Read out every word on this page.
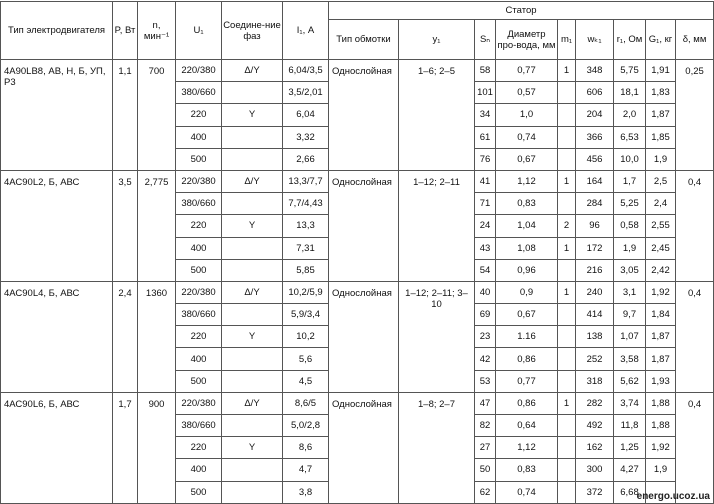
Тип электродвигателя	P, Вт	n, мин⁻¹	U₁	Соедине-ние фаз	I₁, А	Статор								
						Тип обмотки	y₁	Sₙ	Диаметр про-вода, мм	m₁	wₖ₁	r₁, Ом	G₁, кг	δ, мм
4А90LB8, АВ, Н, Б, УП, Р3	1,1	700	220/380	Δ/Y	6,04/3,5	Однослойная	1–6; 2–5	58	0,77	1	348	5,75	1,91	0,25
			380/660		3,5/2,01			101	0,57		606	18,1	1,83	
			220	Y	6,04			34	1,0		204	2,0	1,87	
			400		3,32			61	0,74		366	6,53	1,85	
			500		2,66			76	0,67		456	10,0	1,9	
4АС90L2, Б, АВС	3,5	2,775	220/380	Δ/Y	13,3/7,7	Однослойная	1–12; 2–11	41	1,12	1	164	1,7	2,5	0,4
			380/660		7,7/4,43			71	0,83		284	5,25	2,4	
			220	Y	13,3			24	1,04	2	96	0,58	2,55	
			400		7,31			43	1,08	1	172	1,9	2,45	
			500		5,85			54	0,96		216	3,05	2,42	
4АС90L4, Б, АВС	2,4	1360	220/380	Δ/Y	10,2/5,9	Однослойная	1–12; 2–11; 3–10	40	0,9	1	240	3,1	1,92	0,4
			380/660		5,9/3,4			69	0,67		414	9,7	1,84	
			220	Y	10,2			23	1.16		138	1,07	1,87	
			400		5,6			42	0,86		252	3,58	1,87	
			500		4,5			53	0,77		318	5,62	1,93	
4АС90L6, Б, АВС	1,7	900	220/380	Δ/Y	8,6/5	Однослойная	1–8; 2–7	47	0,86	1	282	3,74	1,88	0,4
			380/660		5,0/2,8			82	0,64		492	11,8	1,88	
			220	Y	8,6			27	1,12		162	1,25	1,92	
			400		4,7			50	0,83		300	4,27	1,9	
			500		3,8			62	0,74		372	6,68		
energo.ucoz.ua
